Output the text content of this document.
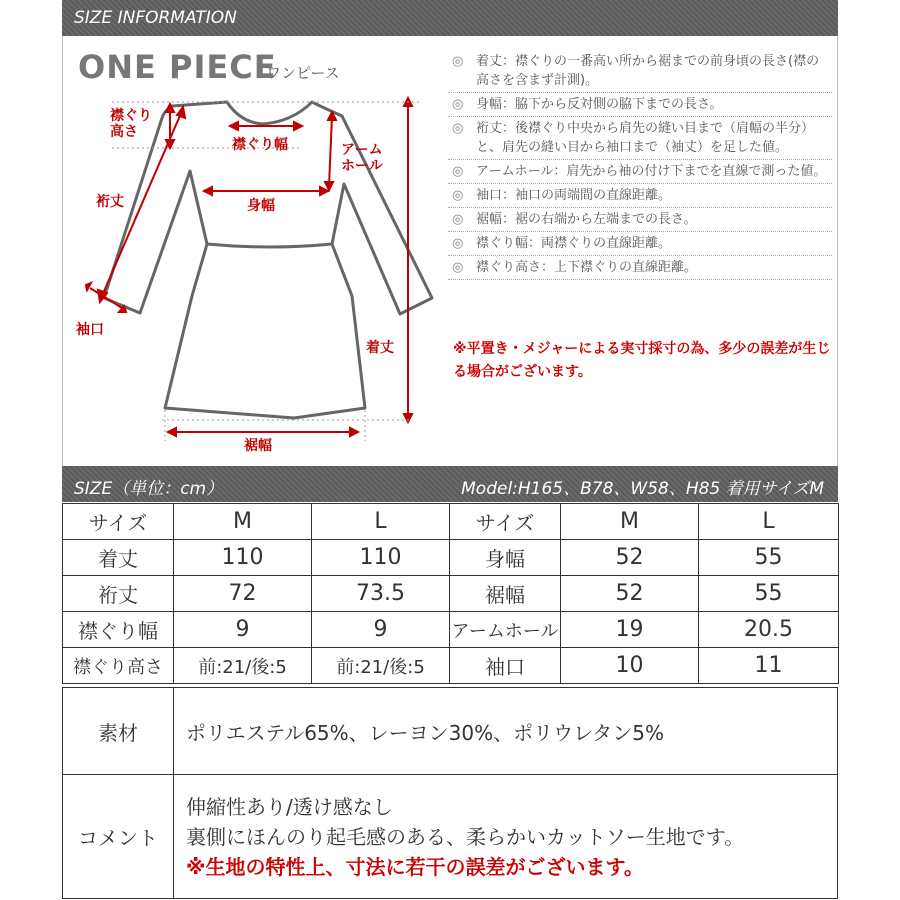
SIZE INFORMATION
ONE PIECE
ワンピース
襟ぐり
高さ
襟ぐり幅	アーム
ホール
裄丈	身幅
袖口
着丈
裾幅
◎ 着丈：襟ぐりの一番高い所から裾までの前身頃の長さ(襟の高さを含まず計測)。
◎ 身幅：脇下から反対側の脇下までの長さ。
◎ 裄丈：後襟ぐり中央から肩先の縫い目まで（肩幅の半分）と、肩先の縫い目から袖口まで（袖丈）を足した値。
◎ アームホール：肩先から袖の付け下までを直線で測った値。
◎ 袖口：袖口の両端間の直線距離。
◎ 裾幅：裾の右端から左端までの長さ。
◎ 襟ぐり幅：両襟ぐりの直線距離。
◎ 襟ぐり高さ：上下襟ぐりの直線距離。
※平置き・メジャーによる実寸採寸の為、多少の誤差が生じる場合がございます。
SIZE（単位：cm）	Model:H165、B78、W58、H85 着用サイズM
サイズ	M	L	サイズ	M	L
着丈	110	110	身幅	52	55
裄丈	72	73.5	裾幅	52	55
襟ぐり幅	9	9	アームホール	19	20.5
襟ぐり高さ	前:21/後:5	前:21/後:5	袖口	10	11
素材	ポリエステル65%、レーヨン30%、ポリウレタン5%
コメント	伸縮性あり/透け感なし
裏側にほんのり起毛感のある、柔らかいカットソー生地です。
※生地の特性上、寸法に若干の誤差がございます。
